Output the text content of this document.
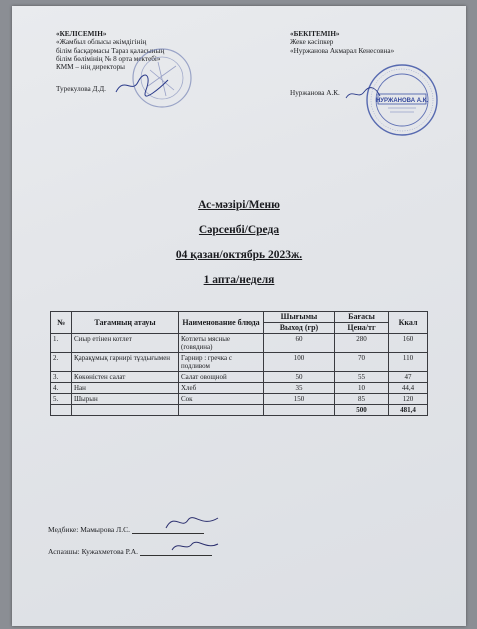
«КЕЛІСЕМІН»
«Жамбыл облысы әкімдігінің
білім басқармасы Тараз қаласының
білім бөлімінің № 8 орта мектебі»
КММ – нің директоры
Турекулова Д.Д.
«БЕКІТЕМІН»
Жеке кәсіпкер
«Нуржанова Акмарал Кенесовна»
Нуржанова А.К.
НУРЖАНОВА А.К.
Ас-мәзірі/Меню
Сәрсенбі/Среда
04 қазан/октябрь 2023ж.
1 апта/неделя
№	Тағамның атауы	Наименование блюда	Шығымы	Бағасы	Ккал
			Выход (гр)	Цена/тг	
1.	Сиыр етінен котлет	Котлеты мясные (говядина)	60	280	160
2.	Қарақұмық гарнирі тұздығымен	Гарнир : гречка с подливом	100	70	110
3.	Көкөністен салат	Салат овощной	50	55	47
4.	Нан	Хлеб	35	10	44,4
5.	Шырын	Сок	150	85	120
				500	481,4
Медбике: Мамырова Л.С.
Аспазшы: Кужахметова Р.А.
